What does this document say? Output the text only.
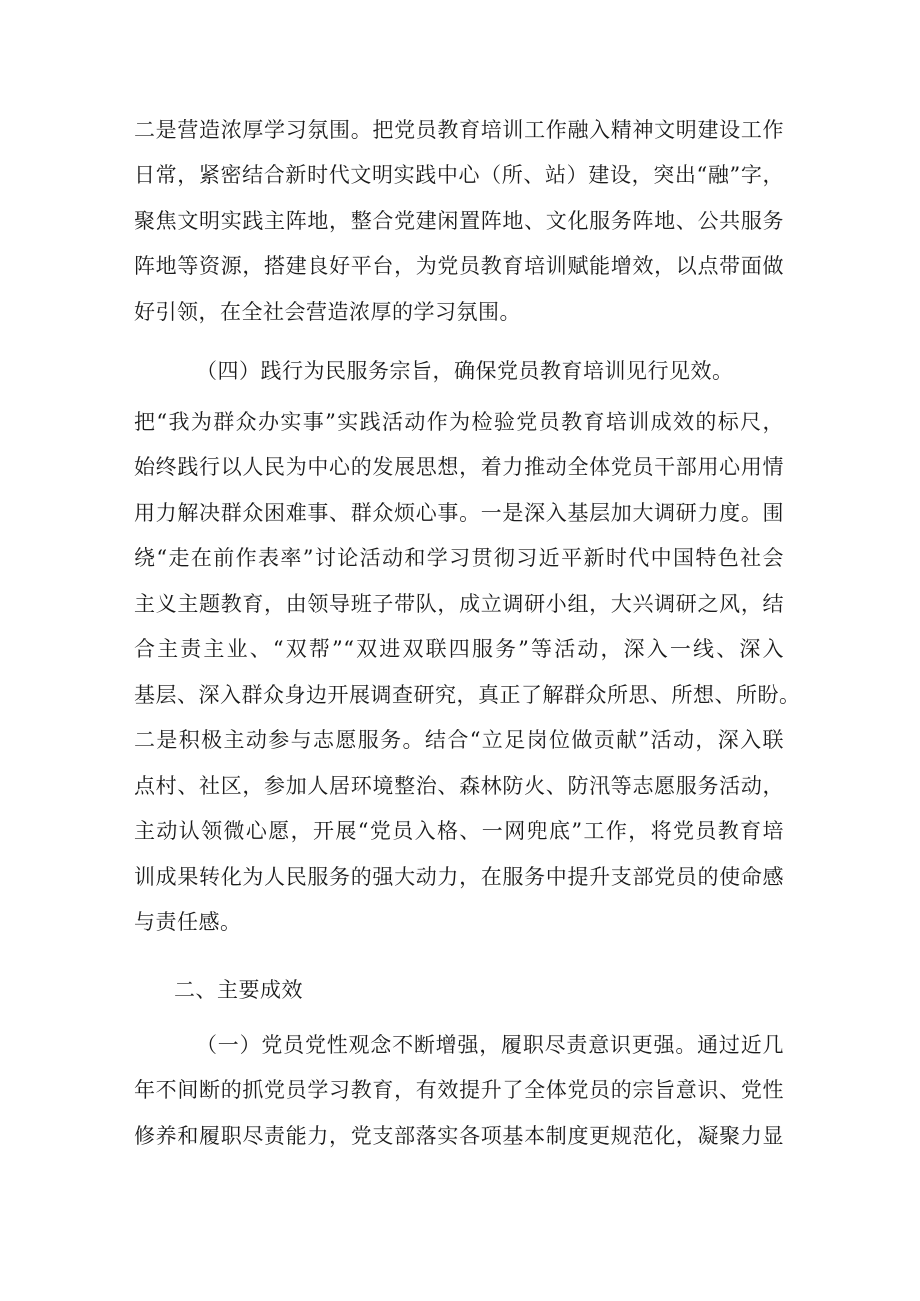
二是营造浓厚学习氛围。把党员教育培训工作融入精神文明建设工作
日常，紧密结合新时代文明实践中心（所、站）建设，突出“融”字，
聚焦文明实践主阵地，整合党建闲置阵地、文化服务阵地、公共服务
阵地等资源，搭建良好平台，为党员教育培训赋能增效，以点带面做
好引领，在全社会营造浓厚的学习氛围。
（四）践行为民服务宗旨，确保党员教育培训见行见效。
把“我为群众办实事”实践活动作为检验党员教育培训成效的标尺，
始终践行以人民为中心的发展思想，着力推动全体党员干部用心用情
用力解决群众困难事、群众烦心事。一是深入基层加大调研力度。围
绕“走在前作表率”讨论活动和学习贯彻习近平新时代中国特色社会
主义主题教育，由领导班子带队，成立调研小组，大兴调研之风，结
合主责主业、“双帮”“双进双联四服务”等活动，深入一线、深入
基层、深入群众身边开展调查研究，真正了解群众所思、所想、所盼。
二是积极主动参与志愿服务。结合“立足岗位做贡献”活动，深入联
点村、社区，参加人居环境整治、森林防火、防汛等志愿服务活动，
主动认领微心愿，开展“党员入格、一网兜底”工作，将党员教育培
训成果转化为人民服务的强大动力，在服务中提升支部党员的使命感
与责任感。
二、主要成效
（一）党员党性观念不断增强，履职尽责意识更强。通过近几
年不间断的抓党员学习教育，有效提升了全体党员的宗旨意识、党性
修养和履职尽责能力，党支部落实各项基本制度更规范化，凝聚力显
